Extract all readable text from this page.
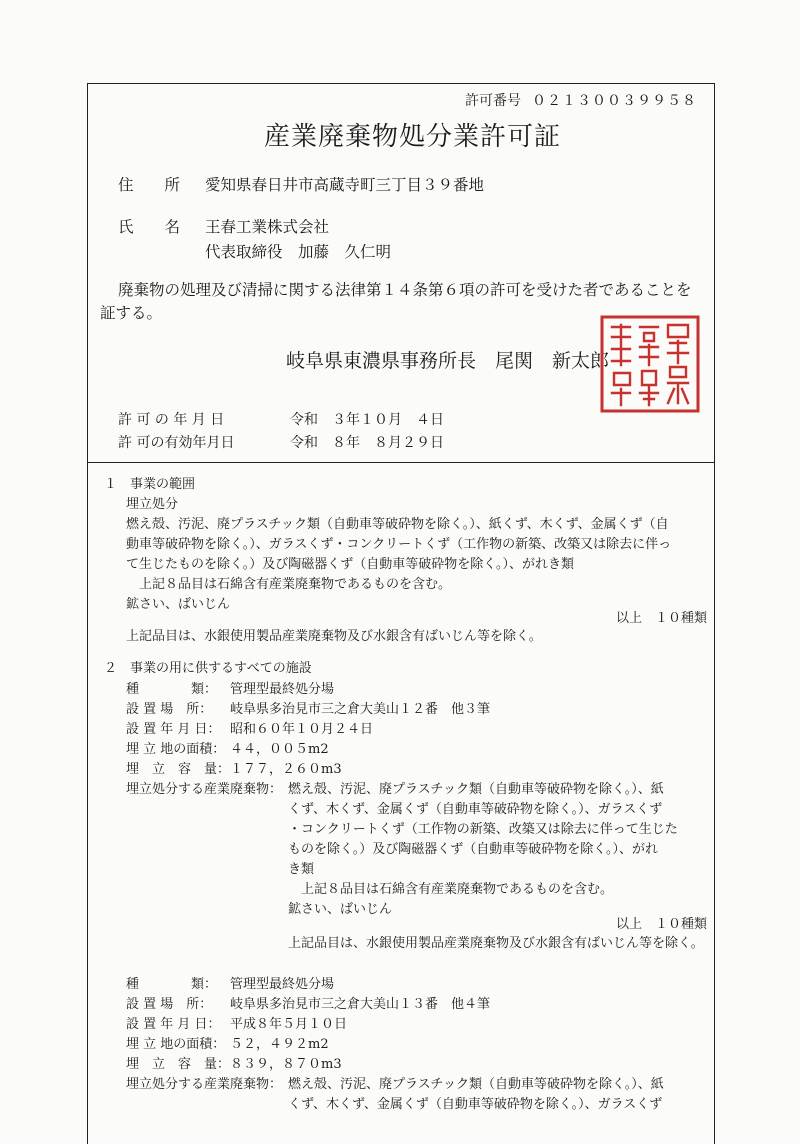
許可番号 ０２１３００３９９５８
産業廃棄物処分業許可証
住　　所 愛知県春日井市高蔵寺町三丁目３９番地
氏　　名 王春工業株式会社
代表取締役　加藤　久仁明
廃棄物の処理及び清掃に関する法律第１４条第６項の許可を受けた者であることを
証する。
岐阜県東濃県事務所長　尾関　新太郎
許 可 の 年 月 日	令和　３年１０月　４日
許 可の有効年月日	令和　８年　８月２９日
１　事業の範囲
埋立処分
燃え殻、汚泥、廃プラスチック類（自動車等破砕物を除く。）、紙くず、木くず、金属くず（自
動車等破砕物を除く。）、ガラスくず・コンクリートくず（工作物の新築、改築又は除去に伴っ
て生じたものを除く。）及び陶磁器くず（自動車等破砕物を除く。）、がれき類
　上記８品目は石綿含有産業廃棄物であるものを含む。
鉱さい、ばいじん
以上　１０種類
上記品目は、水銀使用製品産業廃棄物及び水銀含有ばいじん等を除く。
２　事業の用に供するすべての施設
種　　　　類： 管理型最終処分場
設 置 場　所： 岐阜県多治見市三之倉大美山１２番　他３筆
設 置 年 月 日： 昭和６０年１０月２４日
埋 立 地の面積： ４４，００５m2
埋　立　容　量： １７７，２６０m3
埋立処分する産業廃棄物： 燃え殻、汚泥、廃プラスチック類（自動車等破砕物を除く。）、紙
くず、木くず、金属くず（自動車等破砕物を除く。）、ガラスくず
・コンクリートくず（工作物の新築、改築又は除去に伴って生じた
ものを除く。）及び陶磁器くず（自動車等破砕物を除く。）、がれ
き類
　上記８品目は石綿含有産業廃棄物であるものを含む。
鉱さい、ばいじん
以上　１０種類
上記品目は、水銀使用製品産業廃棄物及び水銀含有ばいじん等を除く。
種　　　　類： 管理型最終処分場
設 置 場　所： 岐阜県多治見市三之倉大美山１３番　他４筆
設 置 年 月 日： 平成８年５月１０日
埋 立 地の面積： ５２，４９２m2
埋　立　容　量： ８３９，８７０m3
埋立処分する産業廃棄物： 燃え殻、汚泥、廃プラスチック類（自動車等破砕物を除く。）、紙
くず、木くず、金属くず（自動車等破砕物を除く。）、ガラスくず
